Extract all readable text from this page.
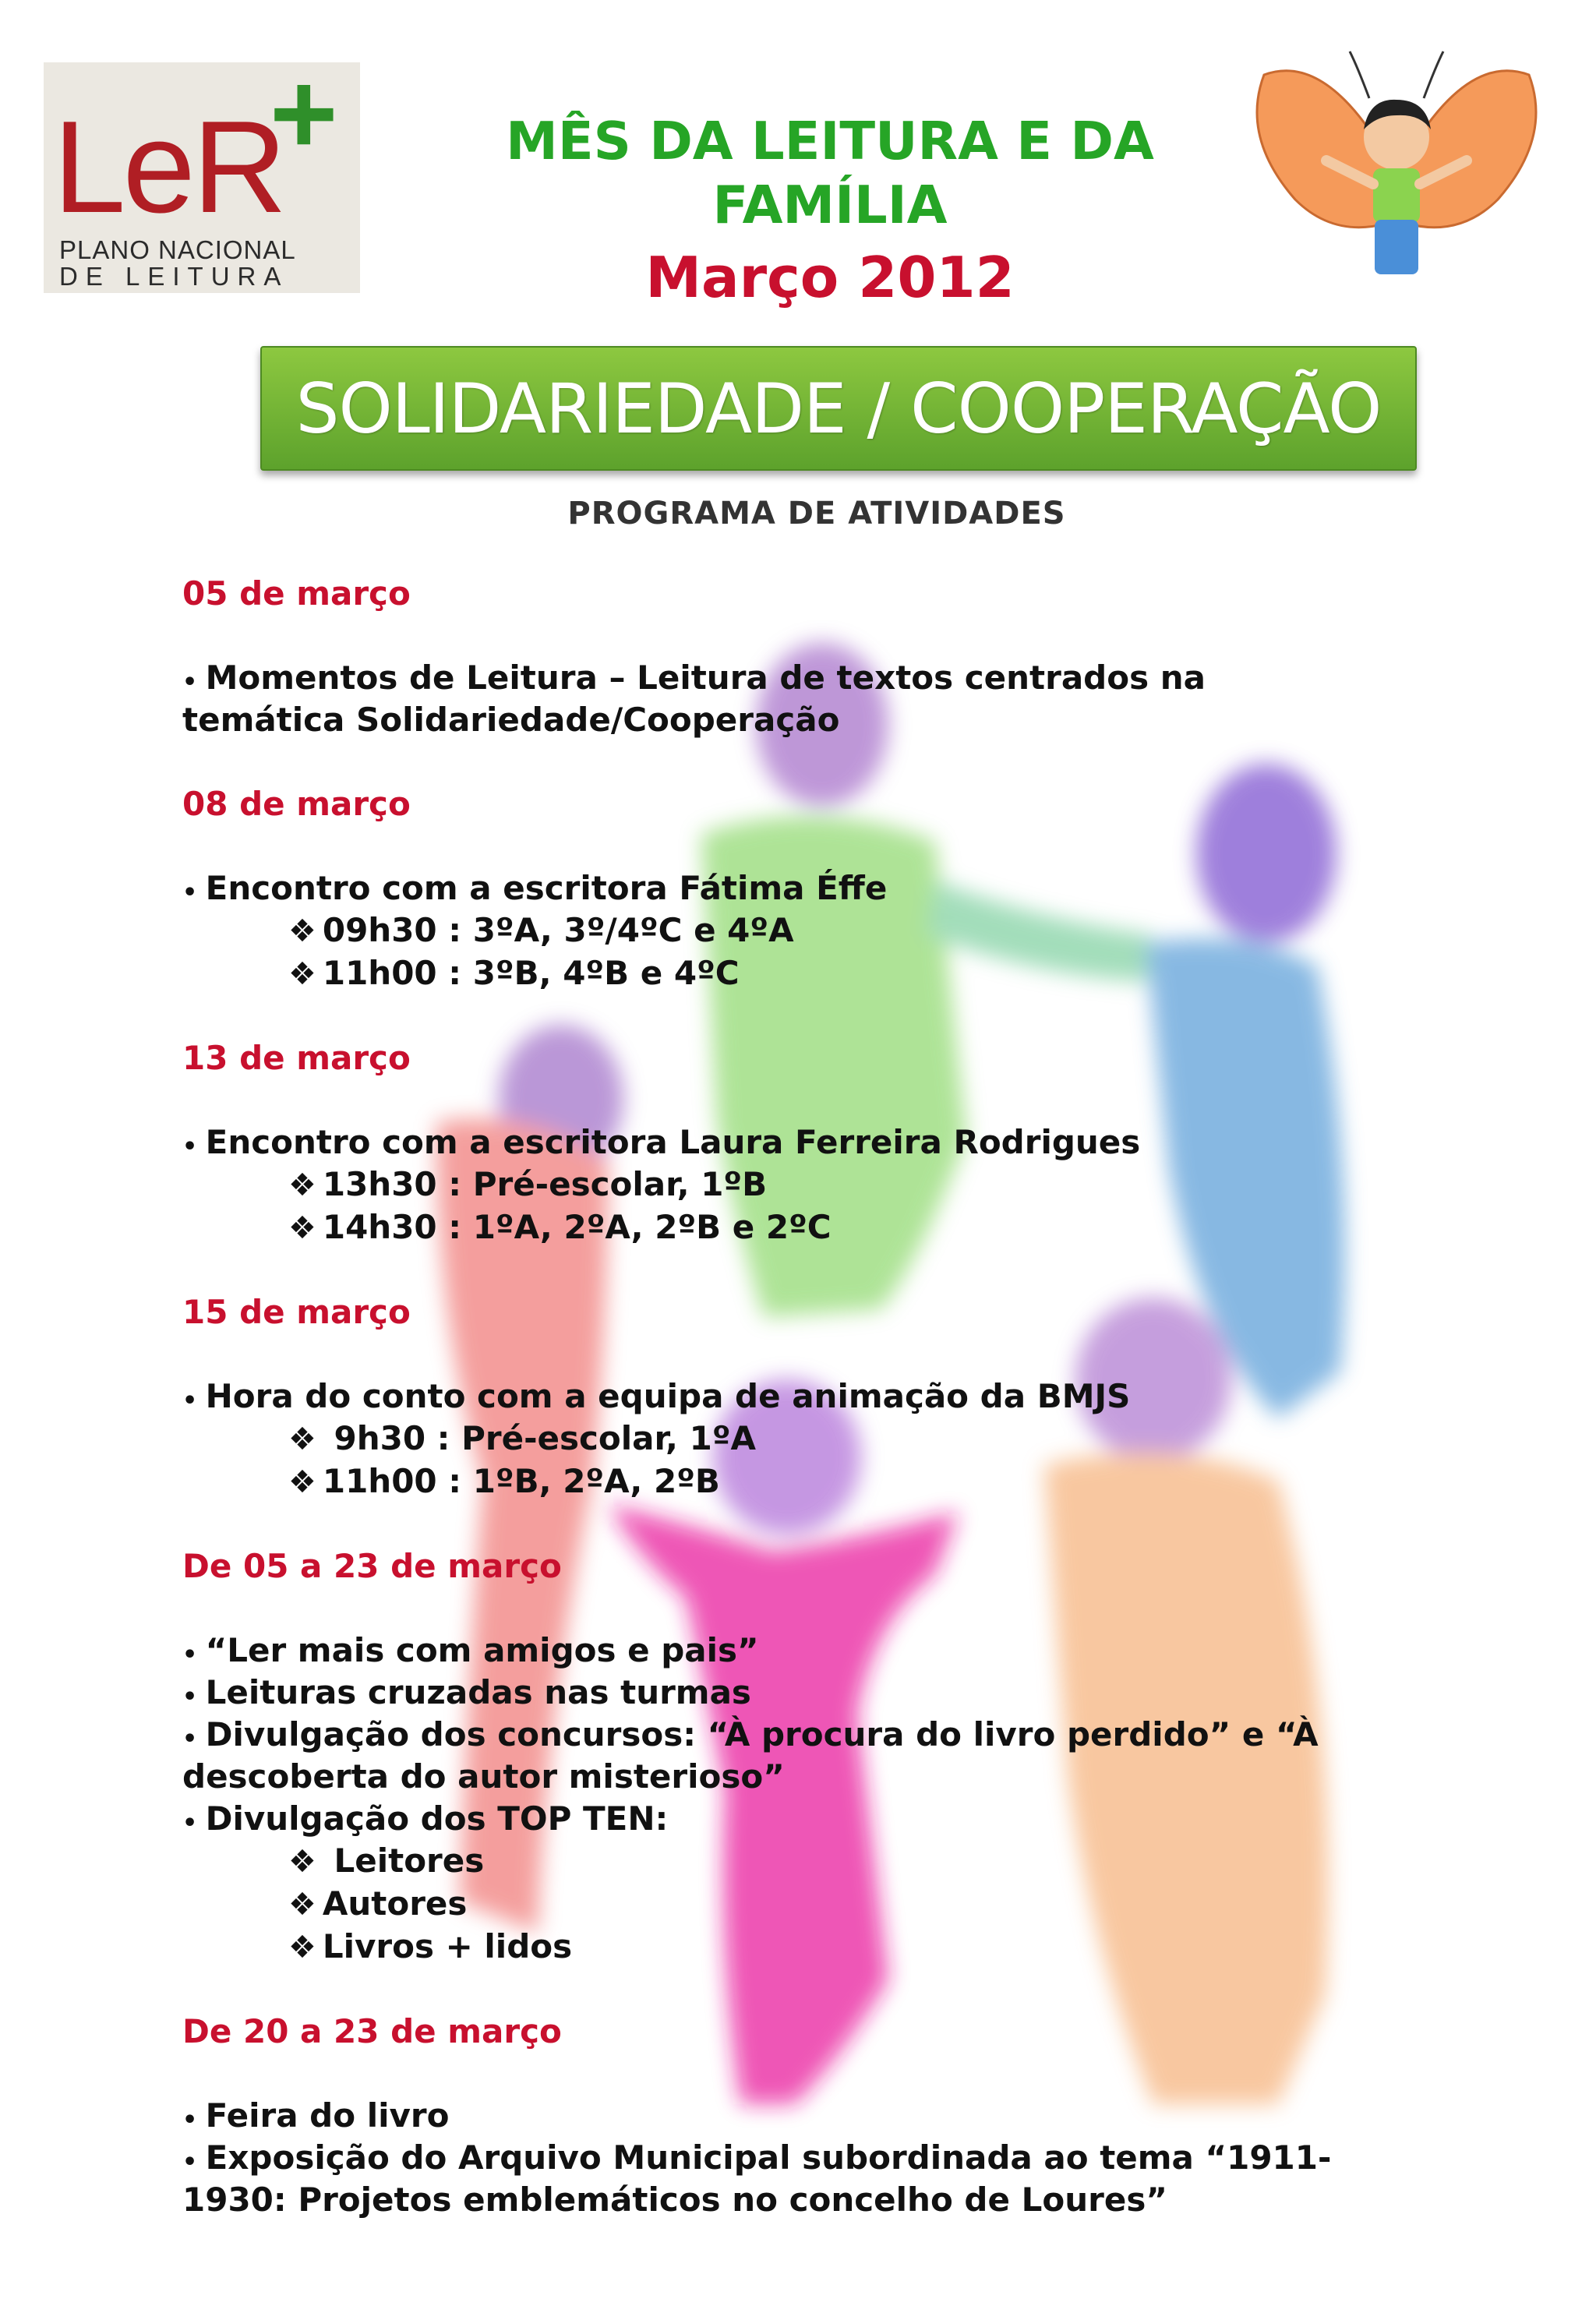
LeR
+
PLANO NACIONAL
DE LEITURA
MÊS DA LEITURA E DA
FAMÍLIA
Março 2012
SOLIDARIEDADE / COOPERAÇÃO
PROGRAMA DE ATIVIDADES
05 de março
• Momentos de Leitura – Leitura de textos centrados na
temática Solidariedade/Cooperação
08 de março
• Encontro com a escritora Fátima Éffe
❖ 09h30 : 3ºA, 3º/4ºC e 4ºA
❖ 11h00 : 3ºB, 4ºB e 4ºC
13 de março
• Encontro com a escritora Laura Ferreira Rodrigues
❖ 13h30 : Pré-escolar, 1ºB
❖ 14h30 : 1ºA, 2ºA, 2ºB e 2ºC
15 de março
• Hora do conto com a equipa de animação da BMJS
❖ 9h30 : Pré-escolar, 1ºA
❖ 11h00 : 1ºB, 2ºA, 2ºB
De 05 a 23 de março
• “Ler mais com amigos e pais”
• Leituras cruzadas nas turmas
• Divulgação dos concursos: “À procura do livro perdido” e “À
descoberta do autor misterioso”
• Divulgação dos TOP TEN:
❖ Leitores
❖ Autores
❖ Livros + lidos
De 20 a 23 de março
• Feira do livro
• Exposição do Arquivo Municipal subordinada ao tema “1911-
1930: Projetos emblemáticos no concelho de Loures”
